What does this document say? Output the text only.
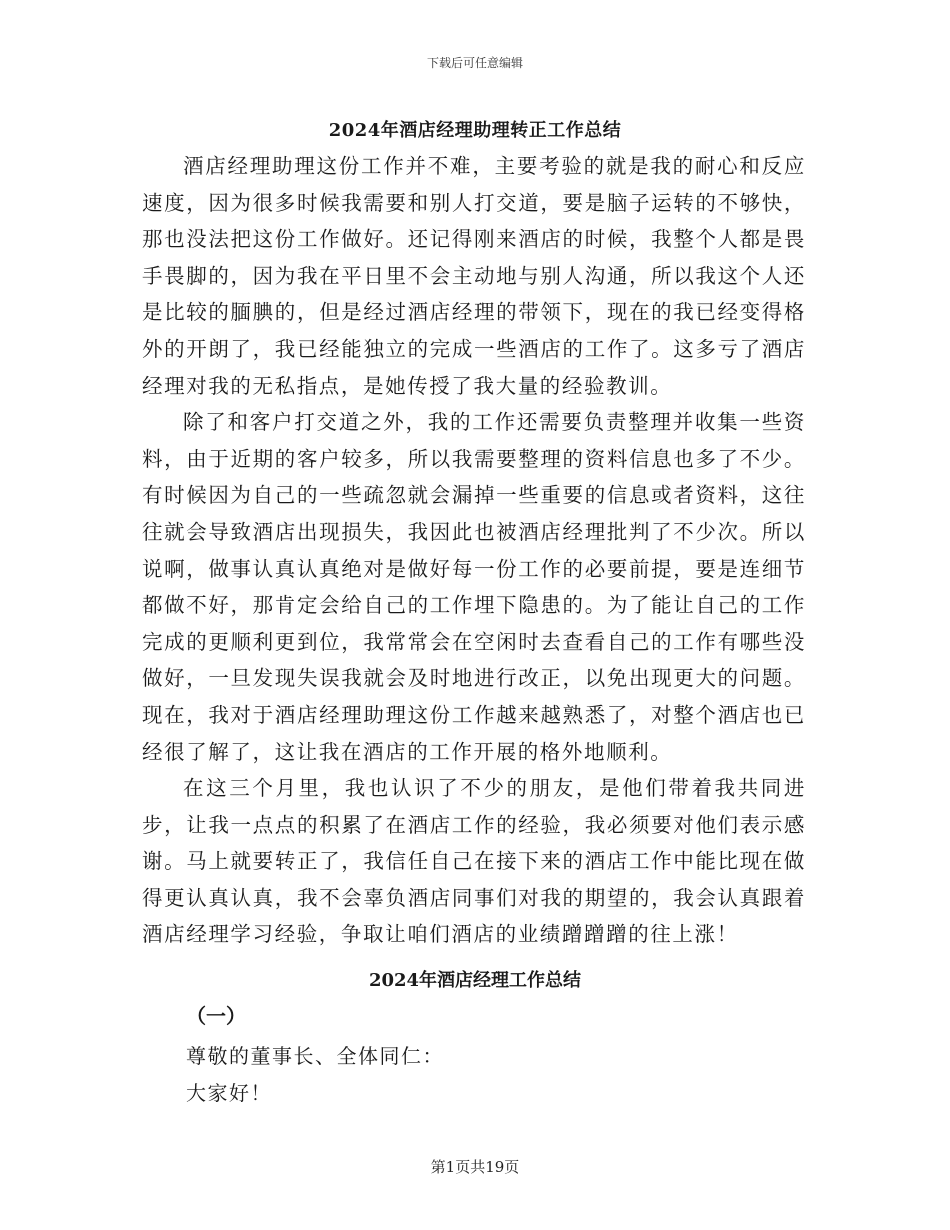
下载后可任意编辑
2024年酒店经理助理转正工作总结

酒店经理助理这份工作并不难，主要考验的就是我的耐心和反应速度，因为很多时候我需要和别人打交道，要是脑子运转的不够快，那也没法把这份工作做好。还记得刚来酒店的时候，我整个人都是畏手畏脚的，因为我在平日里不会主动地与别人沟通，所以我这个人还是比较的腼腆的，但是经过酒店经理的带领下，现在的我已经变得格外的开朗了，我已经能独立的完成一些酒店的工作了。这多亏了酒店经理对我的无私指点，是她传授了我大量的经验教训。

除了和客户打交道之外，我的工作还需要负责整理并收集一些资料，由于近期的客户较多，所以我需要整理的资料信息也多了不少。有时候因为自己的一些疏忽就会漏掉一些重要的信息或者资料，这往往就会导致酒店出现损失，我因此也被酒店经理批判了不少次。所以说啊，做事认真认真绝对是做好每一份工作的必要前提，要是连细节都做不好，那肯定会给自己的工作埋下隐患的。为了能让自己的工作完成的更顺利更到位，我常常会在空闲时去查看自己的工作有哪些没做好，一旦发现失误我就会及时地进行改正，以免出现更大的问题。现在，我对于酒店经理助理这份工作越来越熟悉了，对整个酒店也已经很了解了，这让我在酒店的工作开展的格外地顺利。

在这三个月里，我也认识了不少的朋友，是他们带着我共同进步，让我一点点的积累了在酒店工作的经验，我必须要对他们表示感谢。马上就要转正了，我信任自己在接下来的酒店工作中能比现在做得更认真认真，我不会辜负酒店同事们对我的期望的，我会认真跟着酒店经理学习经验，争取让咱们酒店的业绩蹭蹭蹭的往上涨！

2024年酒店经理工作总结
（一）
尊敬的董事长、全体同仁：
大家好！
第1页共19页
